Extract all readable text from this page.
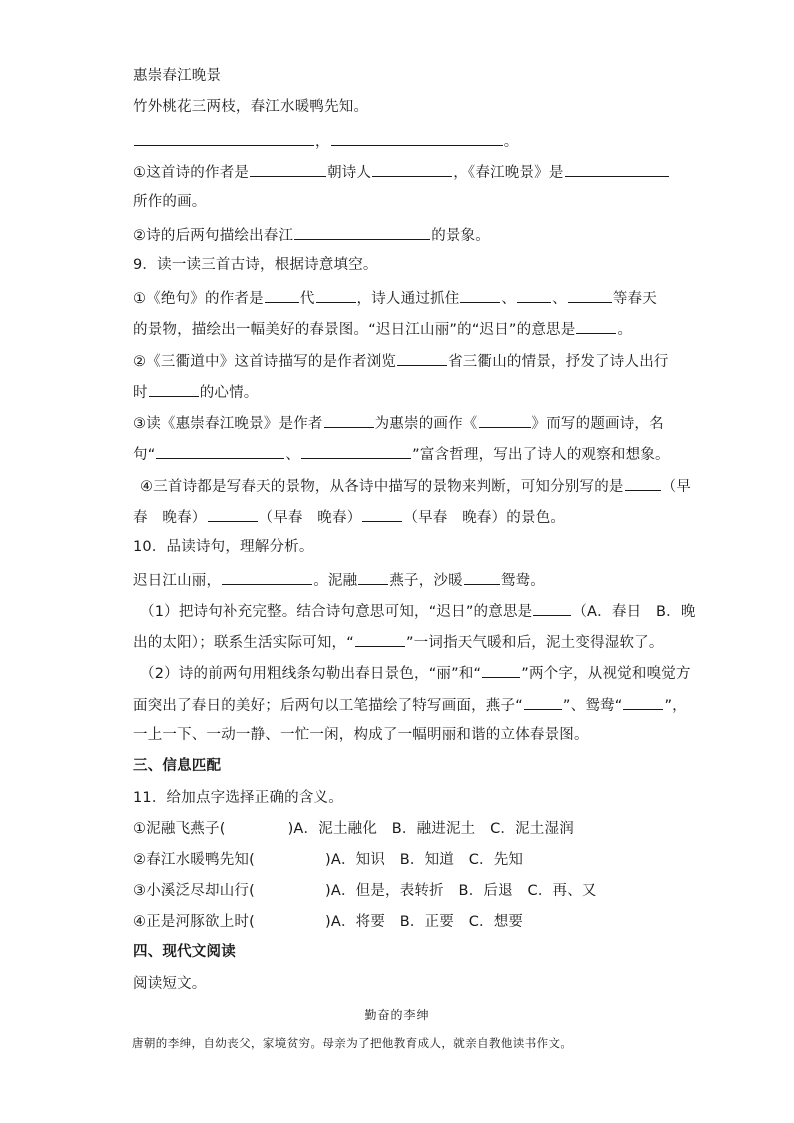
惠崇春江晚景
竹外桃花三两枝，春江水暖鸭先知。
，	。
①这首诗的作者是	朝诗人	，《春江晚景》是
所作的画。
②诗的后两句描绘出春江	的景象。
9．读一读三首古诗，根据诗意填空。
①《绝句》的作者是 代	，诗人通过抓住	、 、	等春天
的景物，描绘出一幅美好的春景图。“迟日江山丽”的“迟日”的意思是	。
②《三衢道中》这首诗描写的是作者浏览	省三衢山的情景，抒发了诗人出行
时	的心情。
③读《惠崇春江晚景》是作者	为惠崇的画作《	》而写的题画诗，名
句“	、	”富含哲理，写出了诗人的观察和想象。
④三首诗都是写春天的景物，从各诗中描写的景物来判断，可知分别写的是	（早
春　晚春）	（早春　晚春）	（早春　晚春）的景色。
10．品读诗句，理解分析。
迟日江山丽，	。泥融 燕子，沙暖	鸳鸯。
（1）把诗句补充完整。结合诗句意思可知，“迟日”的意思是	（A．春日　B．晚
出的太阳）；联系生活实际可知，“	”一词指天气暖和后，泥土变得湿软了。
（2）诗的前两句用粗线条勾勒出春日景色，“丽”和“	”两个字，从视觉和嗅觉方
面突出了春日的美好；后两句以工笔描绘了特写画面，燕子“	”、鸳鸯“	”，
一上一下、一动一静、一忙一闲，构成了一幅明丽和谐的立体春景图。
三、信息匹配
11．给加点字选择正确的含义。
①泥融飞燕子(	)A．泥土融化　B．融进泥土　C．泥土湿润
②春江水暖鸭先知(	)A．知识　B．知道　C．先知
③小溪泛尽却山行(	)A．但是，表转折　B．后退　C．再、又
④正是河豚欲上时(	)A．将要　B．正要　C．想要
四、现代文阅读
阅读短文。
勤奋的李绅
唐朝的李绅，自幼丧父，家境贫穷。母亲为了把他教育成人，就亲自教他读书作文。
